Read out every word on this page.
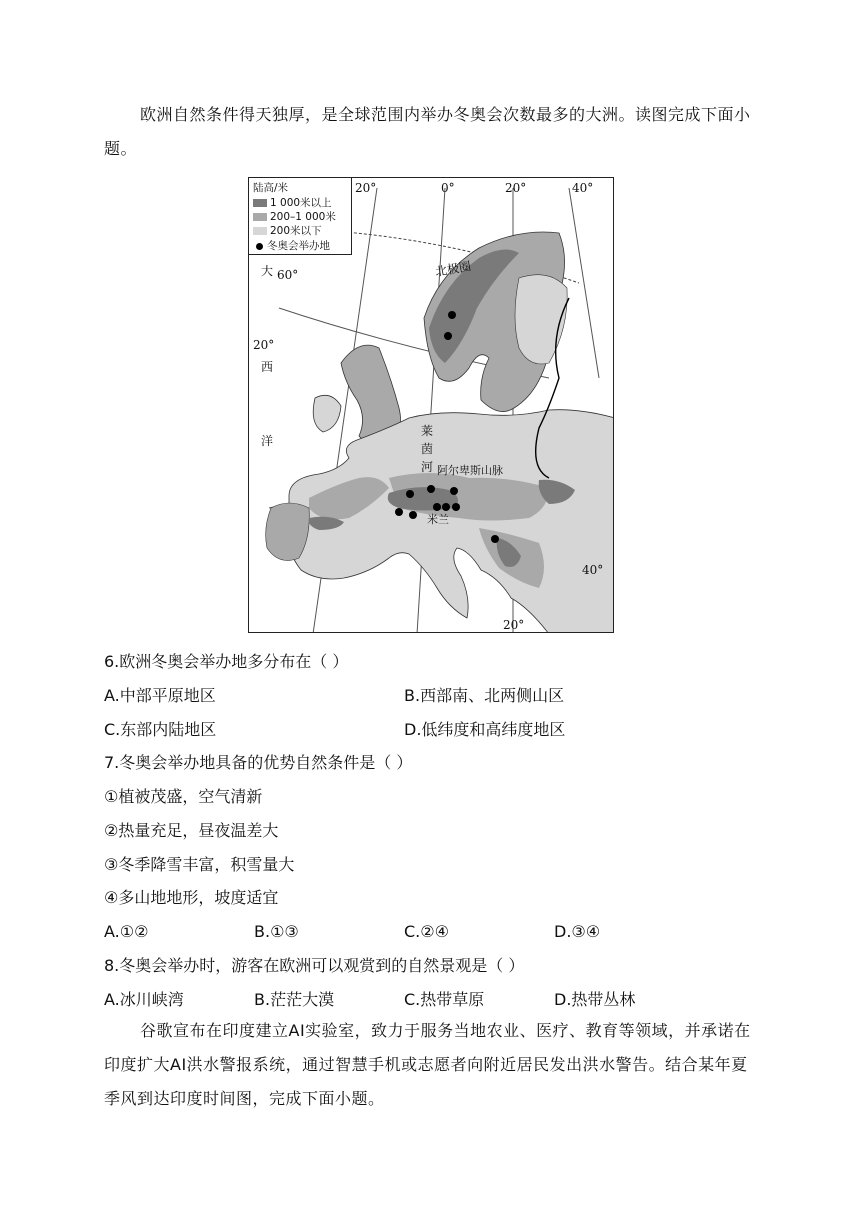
欧洲自然条件得天独厚，是全球范围内举办冬奥会次数最多的大洲。读图完成下面小题。
陆高/米
1 000米以上
200–1 000米
200米以下
冬奥会举办地
20°	0°	20°	40°
60°
20°
40°
20°
北极圈
大
西
洋
莱
茵
河 阿尔卑斯山脉
米兰
6.欧洲冬奥会举办地多分布在（ ）
A.中部平原地区	B.西部南、北两侧山区
C.东部内陆地区	D.低纬度和高纬度地区
7.冬奥会举办地具备的优势自然条件是（ ）
①植被茂盛，空气清新
②热量充足，昼夜温差大
③冬季降雪丰富，积雪量大
④多山地地形，坡度适宜
A.①②	B.①③	C.②④	D.③④
8.冬奥会举办时，游客在欧洲可以观赏到的自然景观是（ ）
A.冰川峡湾	B.茫茫大漠	C.热带草原	D.热带丛林
谷歌宣布在印度建立AI实验室，致力于服务当地农业、医疗、教育等领域，并承诺在印度扩大AI洪水警报系统，通过智慧手机或志愿者向附近居民发出洪水警告。结合某年夏季风到达印度时间图，完成下面小题。
